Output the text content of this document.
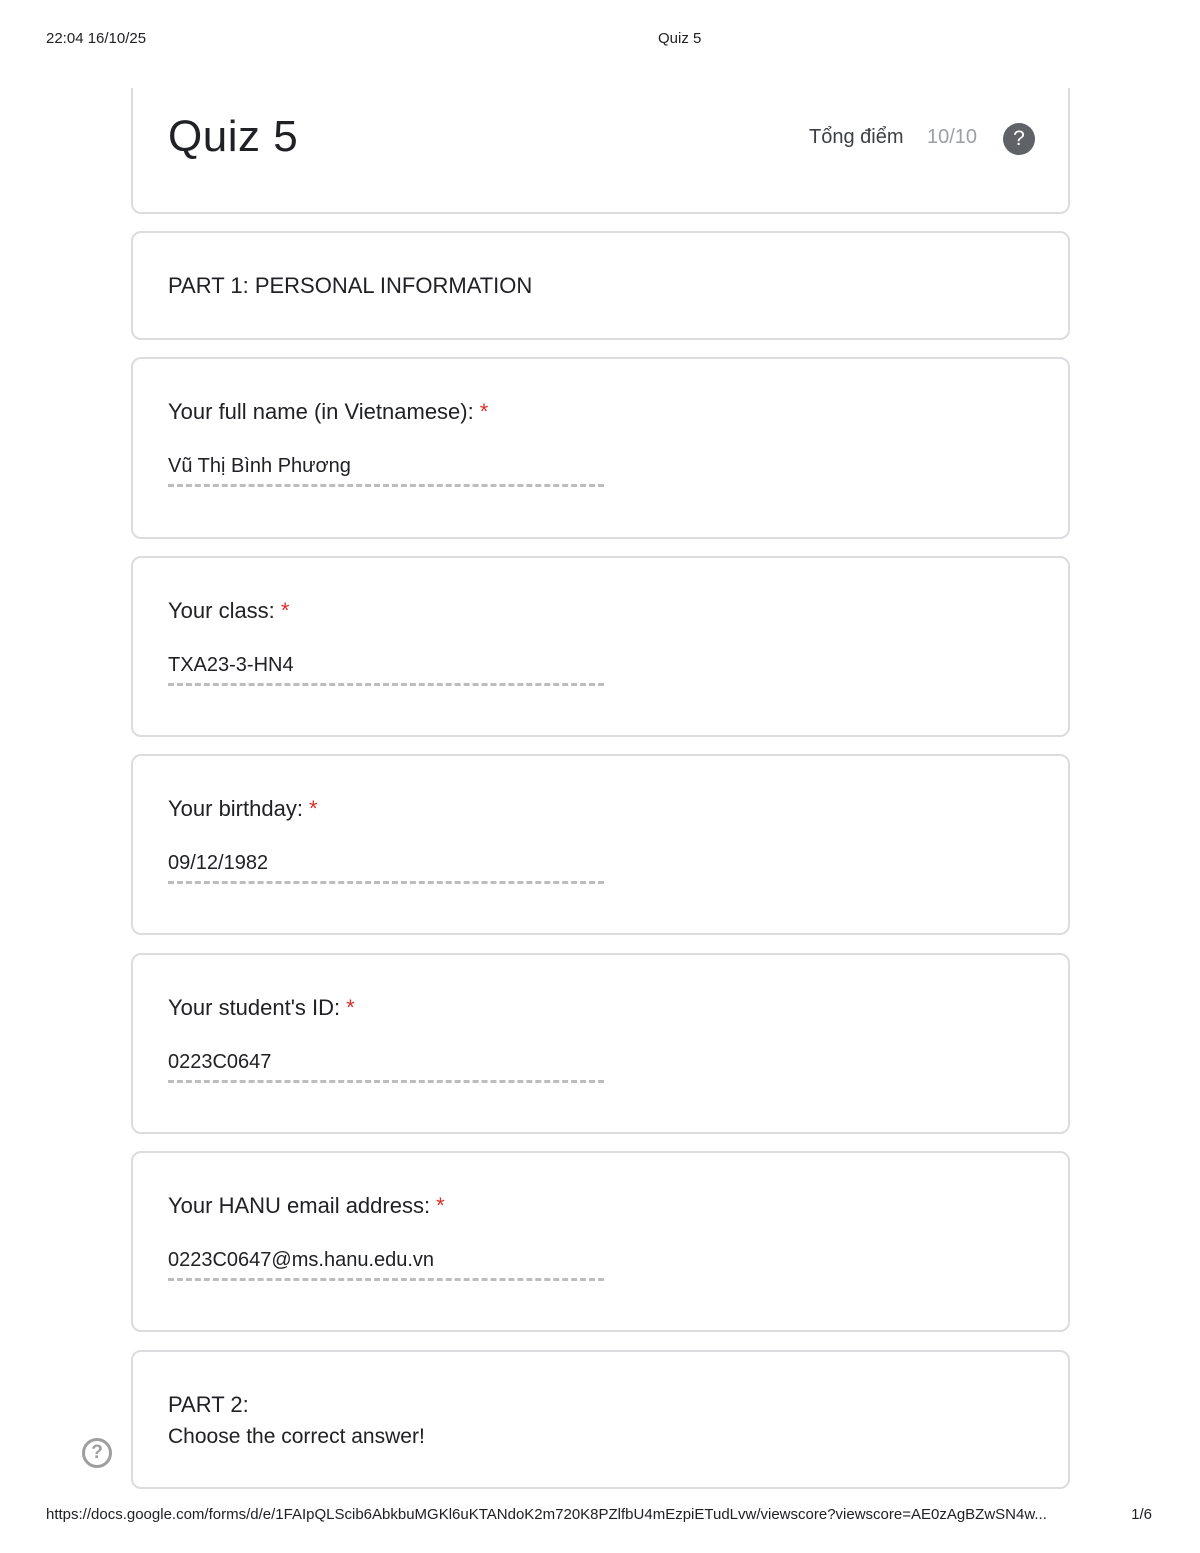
22:04 16/10/25	Quiz 5
Quiz 5	Tổng điểm 10/10	?
PART 1: PERSONAL INFORMATION
Your full name (in Vietnamese): *
Vũ Thị Bình Phương
Your class: *
TXA23-3-HN4
Your birthday: *
09/12/1982
Your student's ID: *
0223C0647
Your HANU email address: *
0223C0647@ms.hanu.edu.vn
PART 2:
Choose the correct answer!
?
https://docs.google.com/forms/d/e/1FAIpQLScib6AbkbuMGKl6uKTANdoK2m720K8PZlfbU4mEzpiETudLvw/viewscore?viewscore=AE0zAgBZwSN4w...	1/6
